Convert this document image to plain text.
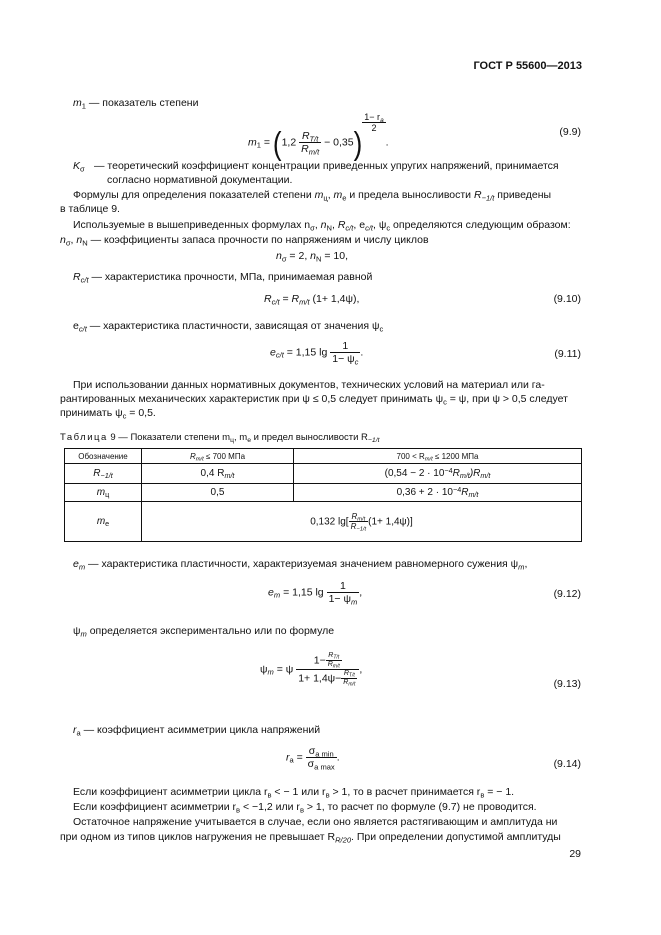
ГОСТ Р 55600—2013
$m_1$ — показатель степени
$m_1 = (1,2 \frac{R_{T/t}}{R_{m/t}} - 0,35)$
$\frac{1- r_a}{2}$
.
(9.9)
$K_\sigma$ — теоретический коэффициент концентрации приведенных упругих напряжений, принимается
согласно нормативной документации.
Формулы для определения показателей степени $m_ц$, $m_e$ и предела выносливости $R_{-1/t}$ приведены
в таблице 9.
Используемые в вышеприведенных формулах $n_\sigma$, $n_N$, $R_{c/t}$, $e_{c/t}$, $\psi_c$ определяются следующим образом:
$n_\sigma$, $n_N$ — коэффициенты запаса прочности по напряжениям и числу циклов
$n_\sigma = 2$, $n_N = 10$,
$R_{c/t}$ — характеристика прочности, МПа, принимаемая равной
$R_{c/t} = R_{m/t}$ (1+ 1,4ψ),	(9.10)
$e_{c/t}$ — характеристика пластичности, зависящая от значения $\psi_с$
$e_{c/t} = 1,15$ $\lg \frac{1}{1- \psi_c}$ .	(9.11)
При использовании данных нормативных документов, технических условий на материал или га-
рантированных механических характеристик при ψ ≤ 0,5 следует принимать $\psi_с = \psi$, при ψ > 0,5 следует
принимать $\psi_с = 0,5$.
Таблица 9 — Показатели степени $m_ц$, $m_e$ и предел выносливости $R_{-1/t}$
Обозначение	$R_{m/t} \le 700$ МПа	$700 < R_{m/t} \le 1200$ МПа
$R_{-1/t}$	0,4 $R_{m/t}$	$(0,54 - 2 \cdot 10^{-4}R_{m/t})R_{m/t}$
$m_ц$	0,5	$0,36 + 2 \cdot 10^{-4}R_{m/t}$
$m_e$	0,132 $\lg[ \frac{R_{m/t}}{R_{-1/t}} (1+ 1,4\psi)]$	
$e_m$ — характеристика пластичности, характеризуемая значением равномерного сужения $\psi_m$,
$e_m = 1,15$ $\lg \frac{1}{1- \psi_m}$ ,	(9.12)
$\psi_m$ определяется экспериментально или по формуле
$\psi_m = \psi \frac{1- \frac{R_{T/t}}{R_{m/t}}}{1+ 1,4\psi- \frac{R_{T/t}}{R_{m/t}}}$ ,
(9.13)
$r_a$ — коэффициент асимметрии цикла напряжений
$r_a = \frac{\sigma_{a min}}{\sigma_{a max}}$ .
(9.14)
Если коэффициент асимметрии цикла $r_в$ < − 1 или $r_в > 1$, то в расчет принимается $r_в$ = − 1.
Если коэффициент асимметрии $r_в < -1,2$ или $r_в > 1$, то расчет по формуле (9.7) не проводится.
Остаточное напряжение учитывается в случае, если оно является растягивающим и амплитуда ни
при одном из типов циклов нагружения не превышает $R_{R/20}$. При определении допустимой амплитуды
29
